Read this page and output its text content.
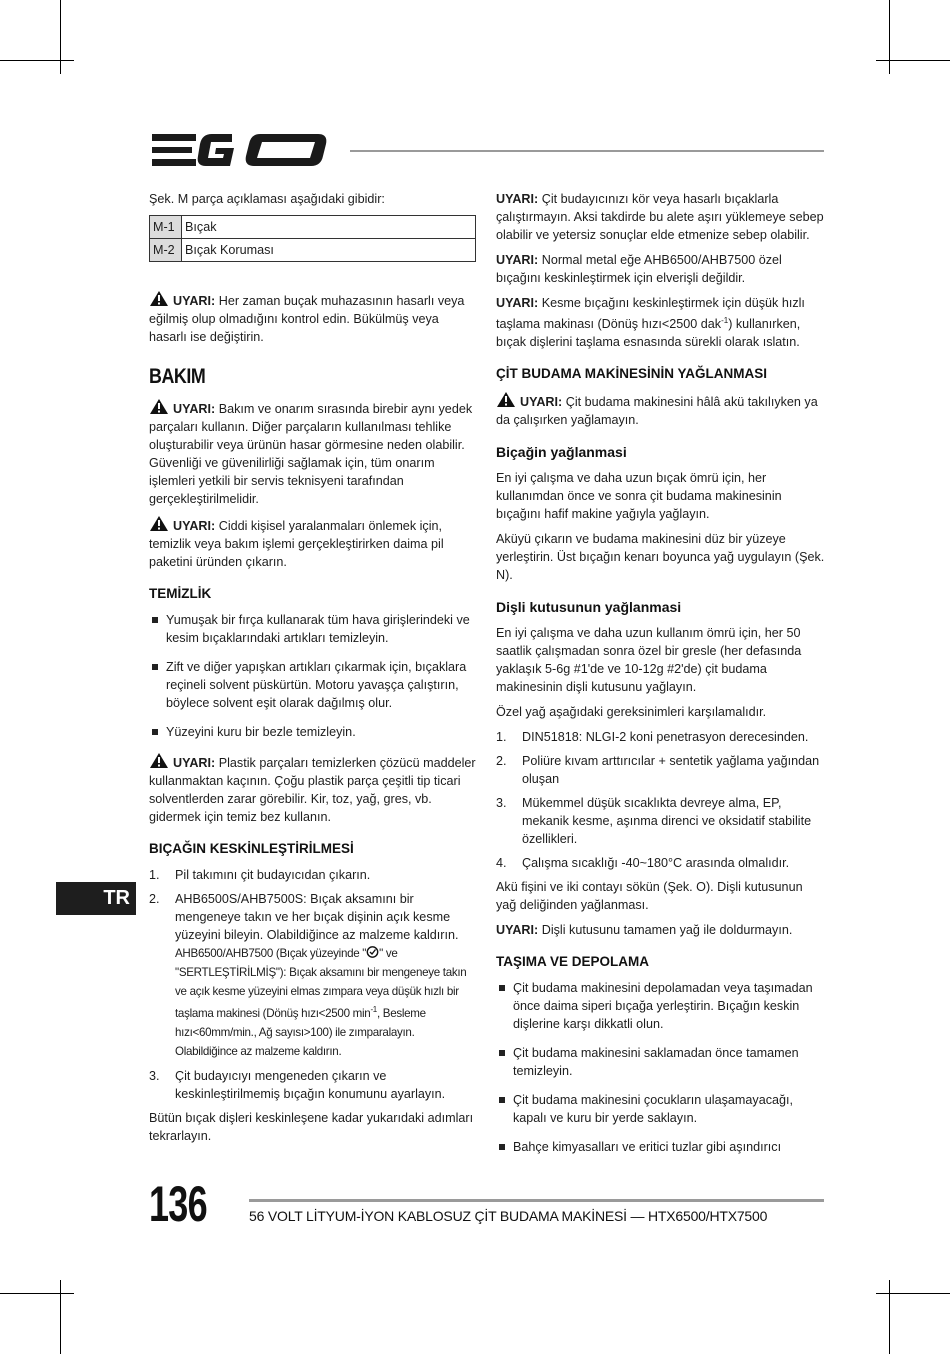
Şek. M parça açıklaması aşağıdaki gibidir:

M-1	Bıçak
M-2	Bıçak Koruması

UYARI: Her zaman buçak muhazasının hasarlı veya eğilmiş olup olmadığını kontrol edin. Bükülmüş veya hasarlı ise değiştirin.

BAKIM

UYARI: Bakım ve onarım sırasında birebir aynı yedek parçaları kullanın. Diğer parçaların kullanılması tehlike oluşturabilir veya ürünün hasar görmesine neden olabilir. Güvenliği ve güvenilirliği sağlamak için, tüm onarım işlemleri yetkili bir servis teknisyeni tarafından gerçekleştirilmelidir.

UYARI: Ciddi kişisel yaralanmaları önlemek için, temizlik veya bakım işlemi gerçekleştirirken daima pil paketini üründen çıkarın.

TEMİZLİK
Yumuşak bir fırça kullanarak tüm hava girişlerindeki ve kesim bıçaklarındaki artıkları temizleyin.
Zift ve diğer yapışkan artıkları çıkarmak için, bıçaklara reçineli solvent püskürtün. Motoru yavaşça çalıştırın, böylece solvent eşit olarak dağılmış olur.
Yüzeyini kuru bir bezle temizleyin.

UYARI: Plastik parçaları temizlerken çözücü maddeler kullanmaktan kaçının. Çoğu plastik parça çeşitli tip ticari solventlerden zarar görebilir. Kir, toz, yağ, gres, vb. gidermek için temiz bez kullanın.

BIÇAĞIN KESKİNLEŞTİRİLMESİ
1. Pil takımını çit budayıcıdan çıkarın.
2. AHB6500S/AHB7500S: Bıçak aksamını bir mengeneye takın ve her bıçak dişinin açık kesme yüzeyini bileyin. Olabildiğince az malzeme kaldırın.
AHB6500/AHB7500 (Bıçak yüzeyinde " " ve "SERTLEŞTİRİLMİŞ"): Bıçak aksamını bir mengeneye takın ve açık kesme yüzeyini elmas zımpara veya düşük hızlı bir taşlama makinesi (Dönüş hızı<2500 $\min^{-1}$, Besleme hızı<60mm/min., Ağ sayısı>100) ile zımparalayın. Olabildiğince az malzeme kaldırın.
3. Çit budayıcıyı mengeneden çıkarın ve keskinleştirilmemiş bıçağın konumunu ayarlayın.

Bütün bıçak dişleri keskinleşene kadar yukarıdaki adımları tekrarlayın.

UYARI: Çit budayıcınızı kör veya hasarlı bıçaklarla çalıştırmayın. Aksi takdirde bu alete aşırı yüklemeye sebep olabilir ve yetersiz sonuçlar elde etmenize sebep olabilir.

UYARI: Normal metal eğe AHB6500/AHB7500 özel bıçağını keskinleştirmek için elverişli değildir.

UYARI: Kesme bıçağını keskinleştirmek için düşük hızlı taşlama makinası (Dönüş hızı<2500 dak$^{-1}$) kullanırken, bıçak dişlerini taşlama esnasında sürekli olarak ıslatın.

ÇİT BUDAMA MAKİNESİNİN YAĞLANMASI

UYARI: Çit budama makinesini hâlâ akü takılıyken ya da çalışırken yağlamayın.

Biçağin yağlanmasi

En iyi çalışma ve daha uzun bıçak ömrü için, her kullanımdan önce ve sonra çit budama makinesinin bıçağını hafif makine yağıyla yağlayın.

Aküyü çıkarın ve budama makinesini düz bir yüzeye yerleştirin. Üst bıçağın kenarı boyunca yağ uygulayın (Şek. N).

Dişli kutusunun yağlanmasi

En iyi çalışma ve daha uzun kullanım ömrü için, her 50 saatlik çalışmadan sonra özel bir gresle (her defasında yaklaşık 5-6g #1'de ve 10-12g #2'de) çit budama makinesinin dişli kutusunu yağlayın.

Özel yağ aşağıdaki gereksinimleri karşılamalıdır.

1. DIN51818: NLGI-2 koni penetrasyon derecesinden.
2. Poliüre kıvam arttırıcılar + sentetik yağlama yağından oluşan
3. Mükemmel düşük sıcaklıkta devreye alma, EP, mekanik kesme, aşınma direnci ve oksidatif stabilite özellikleri.
4. Çalışma sıcaklığı -40~180°C arasında olmalıdır.

Akü fişini ve iki contayı sökün (Şek. O). Dişli kutusunun yağ deliğinden yağlanması.

UYARI: Dişli kutusunu tamamen yağ ile doldurmayın.

TAŞIMA VE DEPOLAMA
Çit budama makinesini depolamadan veya taşımadan önce daima siperi bıçağa yerleştirin. Bıçağın keskin dişlerine karşı dikkatli olun.
Çit budama makinesini saklamadan önce tamamen temizleyin.
Çit budama makinesini çocukların ulaşamayacağı, kapalı ve kuru bir yerde saklayın.
Bahçe kimyasalları ve eritici tuzlar gibi aşındırıcı
TR
136	56 VOLT LİTYUM-İYON KABLOSUZ ÇİT BUDAMA MAKİNESİ — HTX6500/HTX7500
